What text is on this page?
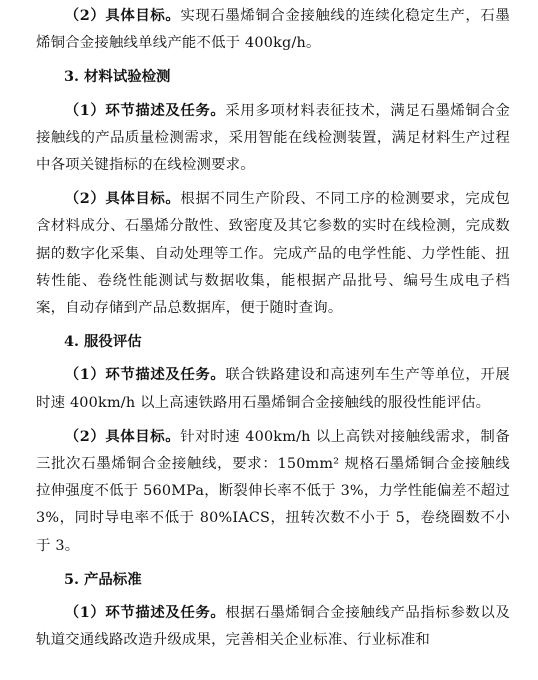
（2）具体目标。实现石墨烯铜合金接触线的连续化稳定生产，石墨烯铜合金接触线单线产能不低于 400kg/h。

3. 材料试验检测

（1）环节描述及任务。采用多项材料表征技术，满足石墨烯铜合金接触线的产品质量检测需求，采用智能在线检测装置，满足材料生产过程中各项关键指标的在线检测要求。

（2）具体目标。根据不同生产阶段、不同工序的检测要求，完成包含材料成分、石墨烯分散性、致密度及其它参数的实时在线检测，完成数据的数字化采集、自动处理等工作。完成产品的电学性能、力学性能、扭转性能、卷绕性能测试与数据收集，能根据产品批号、编号生成电子档案，自动存储到产品总数据库，便于随时查询。

4. 服役评估

（1）环节描述及任务。联合铁路建设和高速列车生产等单位，开展时速 400km/h 以上高速铁路用石墨烯铜合金接触线的服役性能评估。

（2）具体目标。针对时速 400km/h 以上高铁对接触线需求，制备三批次石墨烯铜合金接触线，要求：150mm² 规格石墨烯铜合金接触线拉伸强度不低于 560MPa，断裂伸长率不低于 3%，力学性能偏差不超过 3%，同时导电率不低于 80%IACS，扭转次数不小于 5，卷绕圈数不小于 3。

5. 产品标准

（1）环节描述及任务。根据石墨烯铜合金接触线产品指标参数以及轨道交通线路改造升级成果，完善相关企业标准、行业标准和
